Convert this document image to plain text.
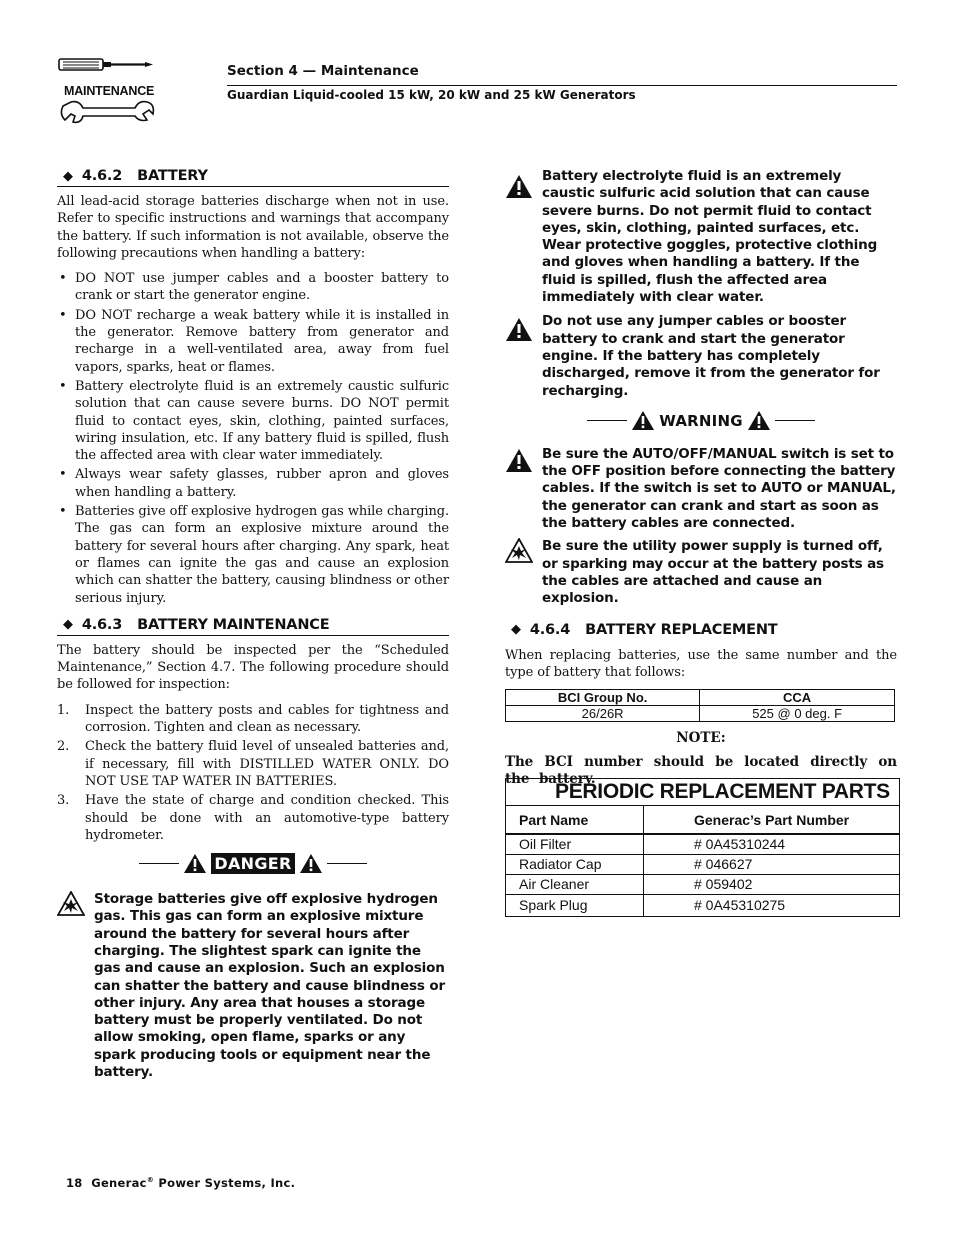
MAINTENANCE
Section 4 — Maintenance
Guardian Liquid-cooled 15 kW, 20 kW and 25 kW Generators
◆ 4.6.2 BATTERY

All lead-acid storage batteries discharge when not in use. Refer to specific instructions and warnings that accompany the battery. If such information is not available, observe the following precautions when handling a battery:

• DO NOT use jumper cables and a booster battery to crank or start the generator engine.
• DO NOT recharge a weak battery while it is installed in the generator. Remove battery from generator and recharge in a well-ventilated area, away from fuel vapors, sparks, heat or flames.
• Battery electrolyte fluid is an extremely caustic sulfuric solution that can cause severe burns. DO NOT permit fluid to contact eyes, skin, clothing, painted surfaces, wiring insulation, etc. If any battery fluid is spilled, flush the affected area with clear water immediately.
• Always wear safety glasses, rubber apron and gloves when handling a battery.
• Batteries give off explosive hydrogen gas while charging. The gas can form an explosive mixture around the battery for several hours after charging. Any spark, heat or flames can ignite the gas and cause an explosion which can shatter the battery, causing blindness or other serious injury.
◆ 4.6.3 BATTERY MAINTENANCE

The battery should be inspected per the “Scheduled Maintenance,” Section 4.7. The following procedure should be followed for inspection:

1. Inspect the battery posts and cables for tightness and corrosion. Tighten and clean as necessary.
2. Check the battery fluid level of unsealed batteries and, if necessary, fill with DISTILLED WATER ONLY. DO NOT USE TAP WATER IN BATTERIES.
3. Have the state of charge and condition checked. This should be done with an automotive-type battery hydrometer.
DANGER
Storage batteries give off explosive hydrogen gas. This gas can form an explosive mixture around the battery for several hours after charging. The slightest spark can ignite the gas and cause an explosion. Such an explosion can shatter the battery and cause blindness or other injury. Any area that houses a storage battery must be properly ventilated. Do not allow smoking, open flame, sparks or any spark producing tools or equipment near the battery.
Battery electrolyte fluid is an extremely caustic sulfuric acid solution that can cause severe burns. Do not permit fluid to contact eyes, skin, clothing, painted surfaces, etc. Wear protective goggles, protective clothing and gloves when handling a battery. If the fluid is spilled, flush the affected area immediately with clear water.
Do not use any jumper cables or booster battery to crank and start the generator engine. If the battery has completely discharged, remove it from the generator for recharging.
WARNING
Be sure the AUTO/OFF/MANUAL switch is set to the OFF position before connecting the battery cables. If the switch is set to AUTO or MANUAL, the generator can crank and start as soon as the battery cables are connected.
Be sure the utility power supply is turned off, or sparking may occur at the battery posts as the cables are attached and cause an explosion.
◆ 4.6.4 BATTERY REPLACEMENT

When replacing batteries, use the same number and the type of battery that follows:

BCI Group No.	CCA
26/26R	525 @ 0 deg. F
NOTE:

The BCI number should be located directly on the battery.

PERIODIC REPLACEMENT PARTS
Part Name	Generac’s Part Number
Oil Filter	# 0A45310244
Radiator Cap	# 046627
Air Cleaner	# 059402
Spark Plug	# 0A45310275
18 Generac® Power Systems, Inc.
